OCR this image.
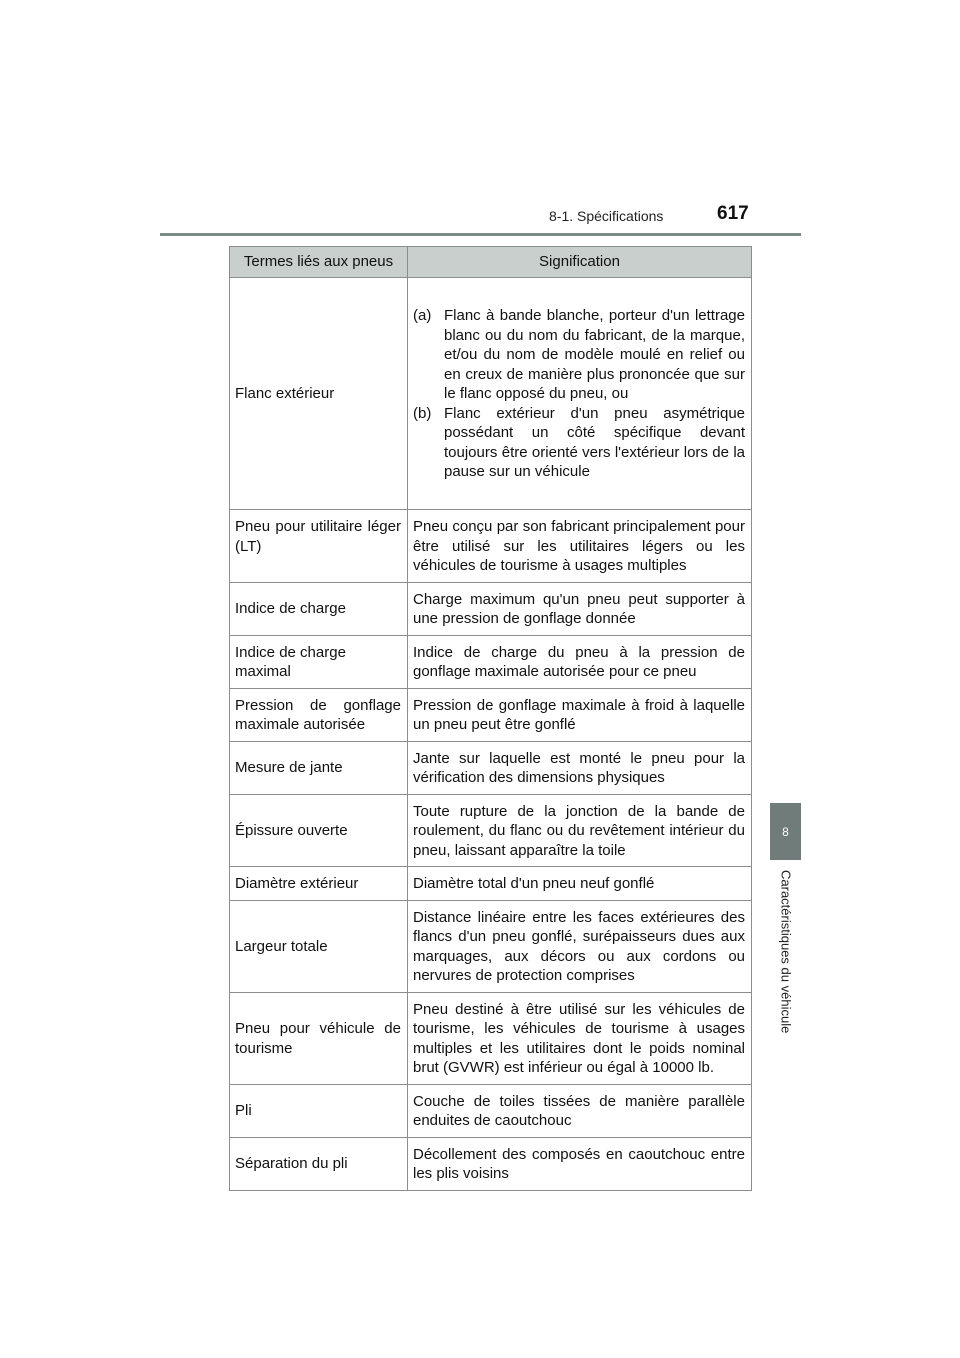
8-1. Spécifications	617
8
Caractéristiques du véhicule
Termes liés aux pneus	Signification
Flanc extérieur	(a) Flanc à bande blanche, porteur d'un lettrage blanc ou du nom du fabricant, de la marque, et/ou du nom de modèle moulé en relief ou en creux de manière plus prononcée que sur le flanc opposé du pneu, ou
(b) Flanc extérieur d'un pneu asymétrique possédant un côté spécifique devant toujours être orienté vers l'extérieur lors de la pause sur un véhicule

Pneu pour utilitaire léger (LT)	Pneu conçu par son fabricant principalement pour être utilisé sur les utilitaires légers ou les véhicules de tourisme à usages multiples
Indice de charge	Charge maximum qu'un pneu peut supporter à une pression de gonflage donnée
Indice de charge maximal	Indice de charge du pneu à la pression de gonflage maximale autorisée pour ce pneu
Pression de gonflage maximale autorisée	Pression de gonflage maximale à froid à laquelle un pneu peut être gonflé
Mesure de jante	Jante sur laquelle est monté le pneu pour la vérification des dimensions physiques
Épissure ouverte	Toute rupture de la jonction de la bande de roulement, du flanc ou du revêtement intérieur du pneu, laissant apparaître la toile
Diamètre extérieur	Diamètre total d'un pneu neuf gonflé
Largeur totale	Distance linéaire entre les faces extérieures des flancs d'un pneu gonflé, surépaisseurs dues aux marquages, aux décors ou aux cordons ou nervures de protection comprises
Pneu pour véhicule de tourisme	Pneu destiné à être utilisé sur les véhicules de tourisme, les véhicules de tourisme à usages multiples et les utilitaires dont le poids nominal brut (GVWR) est inférieur ou égal à 10000 lb.
Pli	Couche de toiles tissées de manière parallèle enduites de caoutchouc
Séparation du pli	Décollement des composés en caoutchouc entre les plis voisins
